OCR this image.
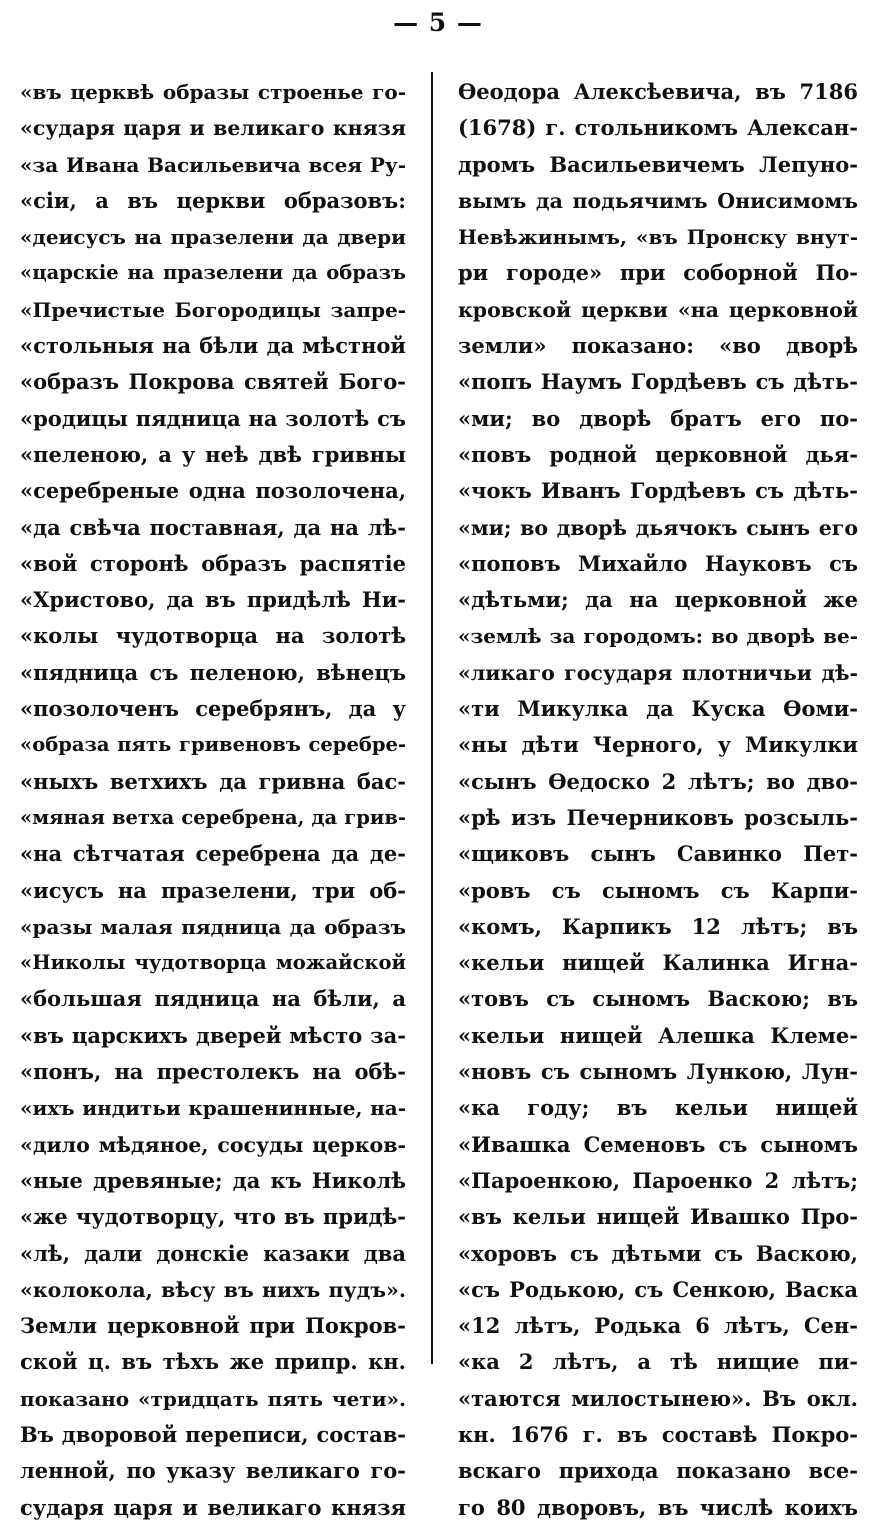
— 5 —
«въ церквѣ образы строенье го-
«сударя царя и великаго князя
«за Ивана Васильевича всея Ру-
«сіи, а въ церкви образовъ:
«деисусъ на празелени да двери
«царскіе на празелени да образъ
«Пречистые Богородицы запре-
«стольныя на бѣли да мѣстной
«образъ Покрова святей Бого-
«родицы пядница на золотѣ съ
«пеленою, а у неѣ двѣ гривны
«серебреные одна позолочена,
«да свѣча поставная, да на лѣ-
«вой сторонѣ образъ распятіе
«Христово, да въ придѣлѣ Ни-
«колы чудотворца на золотѣ
«пядница съ пеленою, вѣнецъ
«позолоченъ серебрянъ, да у
«образа пять гривеновъ серебре-
«ныхъ ветхихъ да гривна бас-
«мяная ветха серебрена, да грив-
«на сѣтчатая серебрена да де-
«исусъ на празелени, три об-
«разы малая пядница да образъ
«Николы чудотворца можайской
«большая пядница на бѣли, а
«въ царскихъ дверей мѣсто за-
«понъ, на престолекъ на обѣ-
«ихъ индитьи крашенинные, на-
«дило мѣдяное, сосуды церков-
«ные древяные; да къ Николѣ
«же чудотворцу, что въ придѣ-
«лѣ, дали донскіе казаки два
«колокола, вѣсу въ нихъ пудъ».
Земли церковной при Покров-
ской ц. въ тѣхъ же припр. кн.
показано «тридцать пять чети».
Въ дворовой переписи, состав-
ленной, по указу великаго го-
сударя царя и великаго князя
Ѳеодора Алексѣевича, въ 7186
(1678) г. стольникомъ Алексан-
дромъ Васильевичемъ Лепуно-
вымъ да подьячимъ Онисимомъ
Невѣжинымъ, «въ Пронску внут-
ри городе» при соборной По-
кровской церкви «на церковной
земли» показано: «во дворѣ
«попъ Наумъ Гордѣевъ съ дѣть-
«ми; во дворѣ братъ его по-
«повъ родной церковной дья-
«чокъ Иванъ Гордѣевъ съ дѣть-
«ми; во дворѣ дьячокъ сынъ его
«поповъ Михайло Науковъ съ
«дѣтьми; да на церковной же
«землѣ за городомъ: во дворѣ ве-
«ликаго государя плотничьи дѣ-
«ти Микулка да Куска Ѳоми-
«ны дѣти Черного, у Микулки
«сынъ Ѳедоско 2 лѣтъ; во дво-
«рѣ изъ Печерниковъ розсыль-
«щиковъ сынъ Савинко Пет-
«ровъ съ сыномъ съ Карпи-
«комъ, Карпикъ 12 лѣтъ; въ
«кельи нищей Калинка Игна-
«товъ съ сыномъ Васкою; въ
«кельи нищей Алешка Клеме-
«новъ съ сыномъ Лункою, Лун-
«ка году; въ кельи нищей
«Ивашка Семеновъ съ сыномъ
«Пароенкою, Пароенко 2 лѣтъ;
«въ кельи нищей Ивашко Про-
«хоровъ съ дѣтьми съ Васкою,
«съ Родькою, съ Сенкою, Васка
«12 лѣтъ, Родька 6 лѣтъ, Сен-
«ка 2 лѣтъ, а тѣ нищие пи-
«таются милостынею». Въ окл.
кн. 1676 г. въ составѣ Покро-
вскаго прихода показано все-
го 80 дворовъ, въ числѣ коихъ
